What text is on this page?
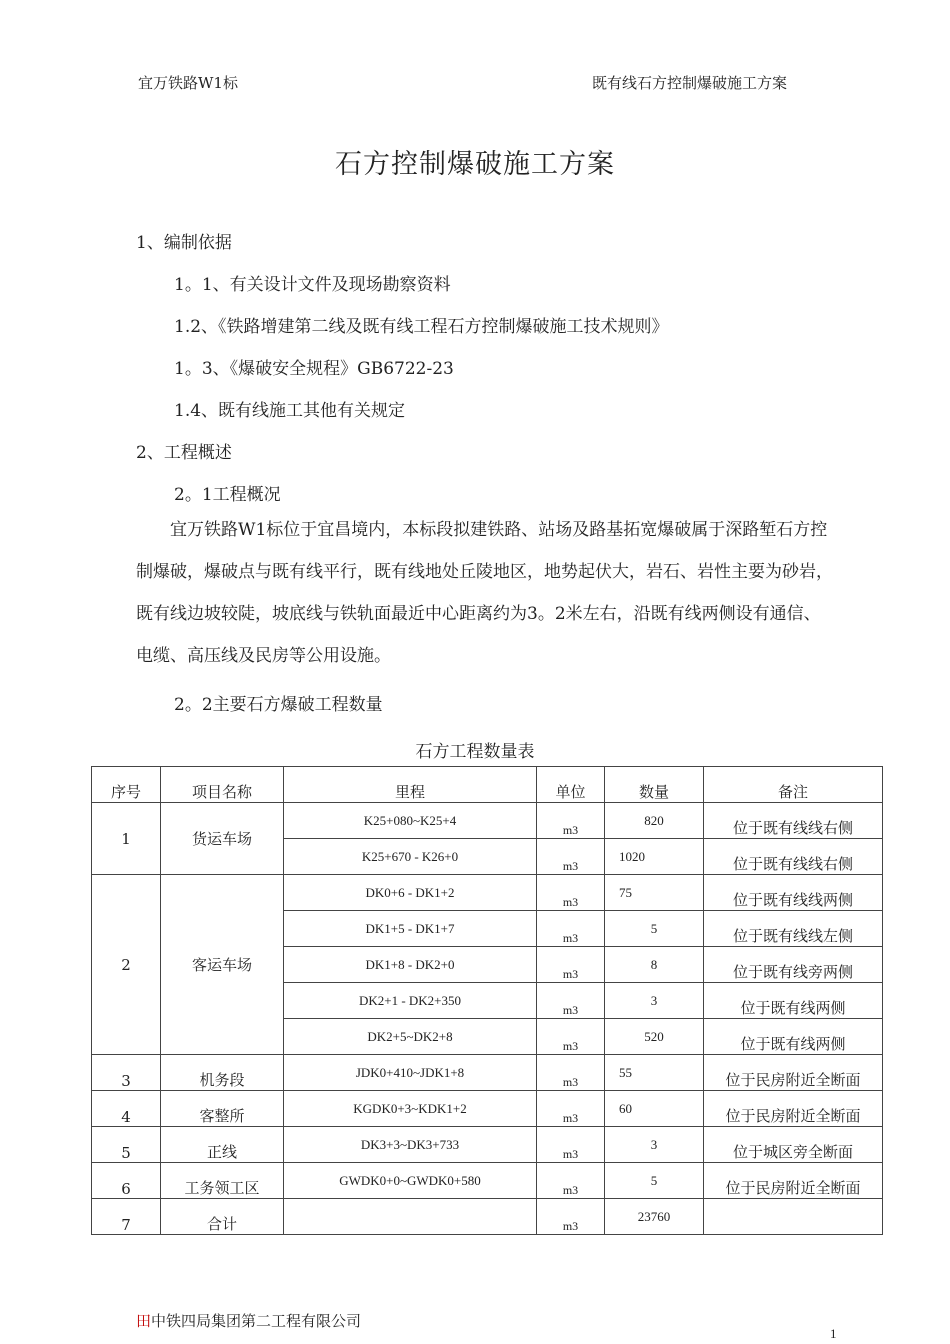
宜万铁路W1标	既有线石方控制爆破施工方案
石方控制爆破施工方案
1、编制依据
1。1、有关设计文件及现场勘察资料
1.2、《铁路增建第二线及既有线工程石方控制爆破施工技术规则》
1。3、《爆破安全规程》GB6722-23
1.4、既有线施工其他有关规定
2、工程概述
2。1工程概况

　　宜万铁路W1标位于宜昌境内，本标段拟建铁路、站场及路基拓宽爆破属于深路堑石方控

制爆破，爆破点与既有线平行，既有线地处丘陵地区，地势起伏大，岩石、岩性主要为砂岩，

既有线边坡较陡，坡底线与铁轨面最近中心距离约为3。2米左右，沿既有线两侧设有通信、

电缆、高压线及民房等公用设施。

2。2主要石方爆破工程数量
石方工程数量表
序号	项目名称	里程	单位	数量	备注
1	货运车场	K25+080~K25+4	m3	820	位于既有线线右侧
		K25+670 - K26+0	m3	1020	位于既有线线右侧
2	客运车场	DK0+6 - DK1+2	m3	75	位于既有线线两侧
		DK1+5 - DK1+7	m3	5	位于既有线线左侧
		DK1+8 - DK2+0	m3	8	位于既有线旁两侧
		DK2+1 - DK2+350	m3	3	位于既有线两侧
		DK2+5~DK2+8	m3	520	位于既有线两侧
3	机务段	JDK0+410~JDK1+8	m3	55	位于民房附近全断面
4	客整所	KGDK0+3~KDK1+2	m3	60	位于民房附近全断面
5	正线	DK3+3~DK3+733	m3	3	位于城区旁全断面
6	工务领工区	GWDK0+0~GWDK0+580	m3	5	位于民房附近全断面
7	合计		m3	23760	
田中铁四局集团第二工程有限公司
1
